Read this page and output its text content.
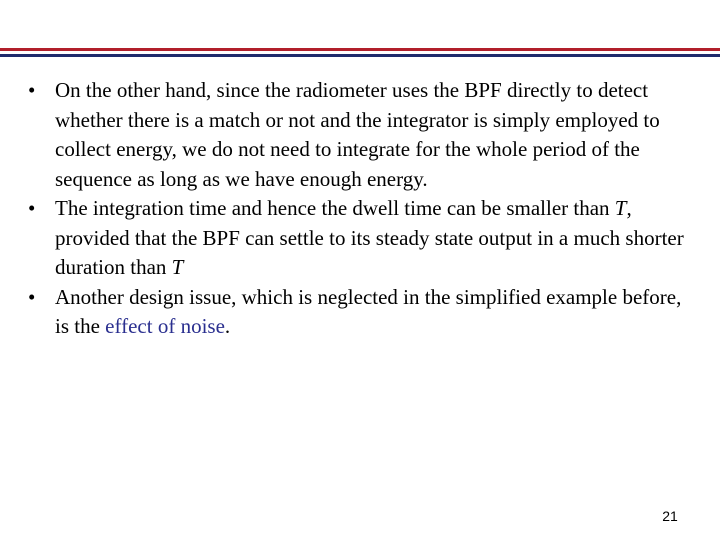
• On the other hand, since the radiometer uses the BPF directly to detect whether there is a match or not and the integrator is simply employed to collect energy, we do not need to integrate for the whole period of the sequence as long as we have enough energy.
• The integration time and hence the dwell time can be smaller than T, provided that the BPF can settle to its steady state output in a much shorter duration than T
• Another design issue, which is neglected in the simplified example before, is the effect of noise.
21
